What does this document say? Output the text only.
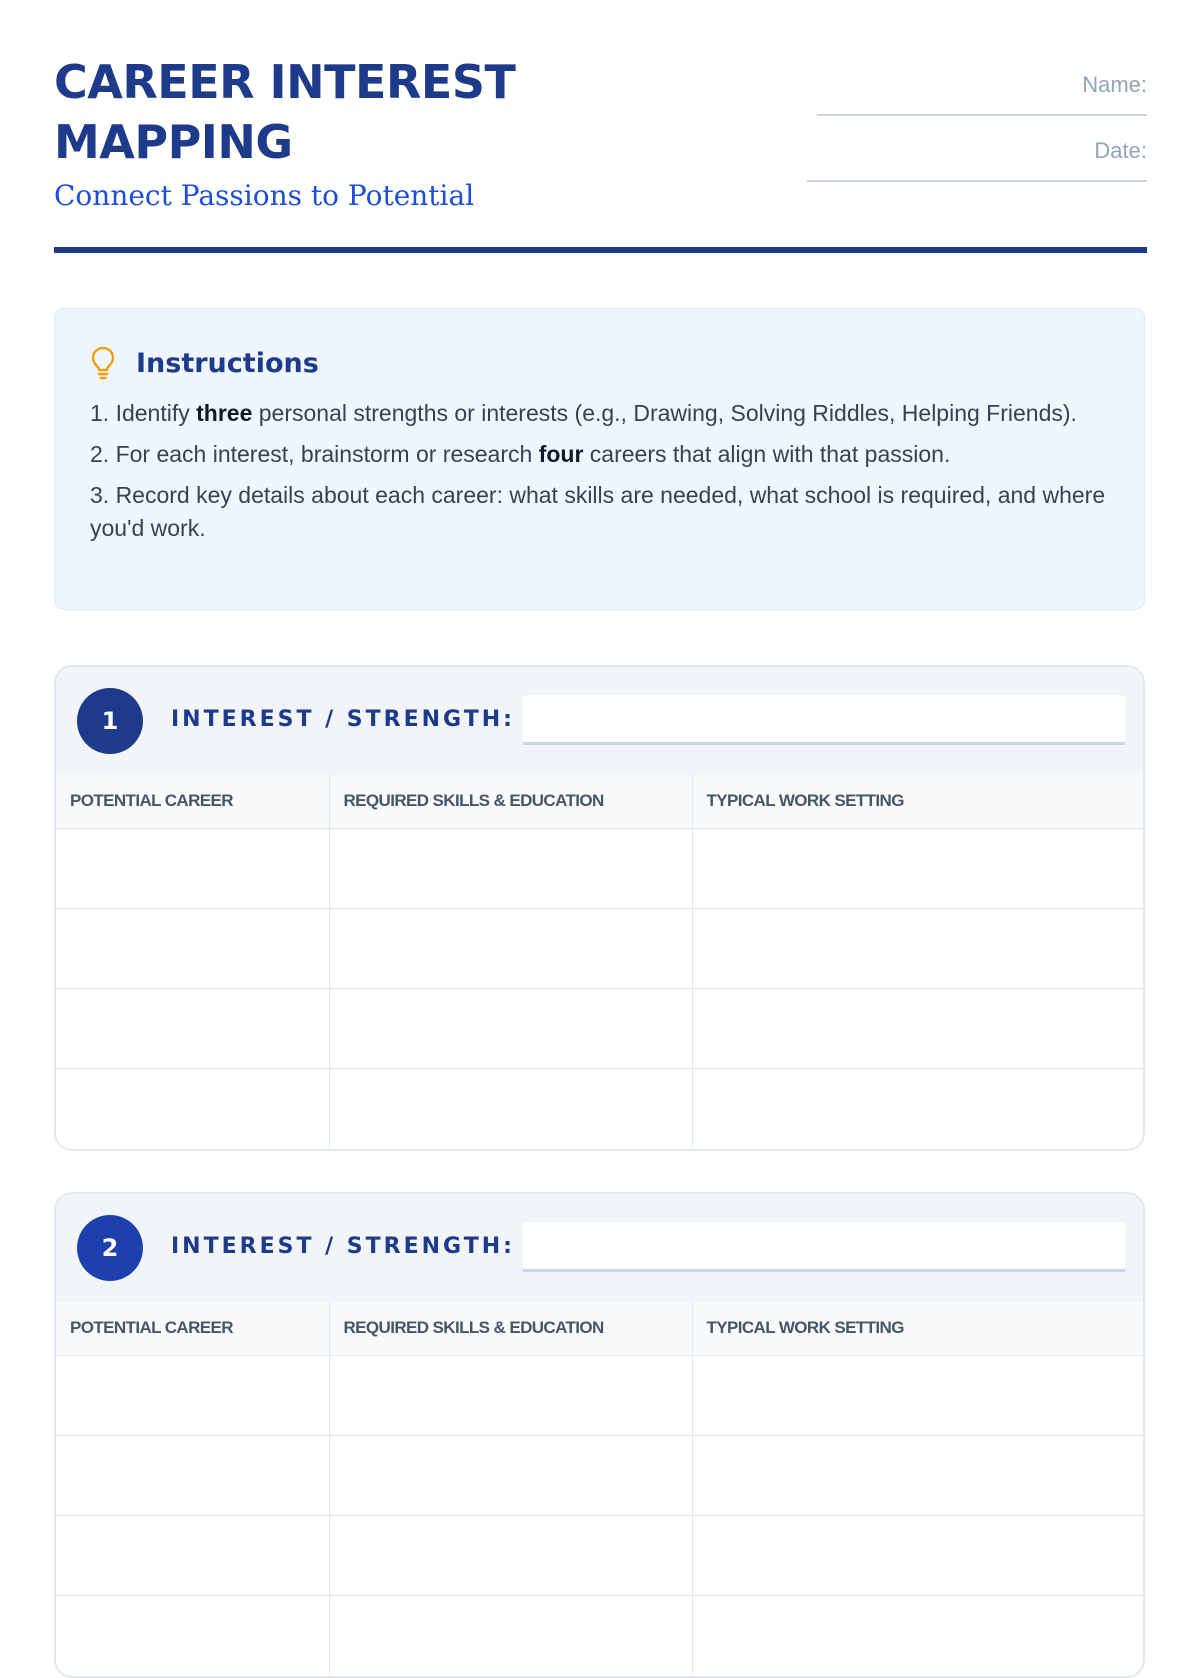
CAREER INTEREST MAPPING
Connect Passions to Potential
Name:
Date:
Instructions

1. Identify three personal strengths or interests (e.g., Drawing, Solving Riddles, Helping Friends).

2. For each interest, brainstorm or research four careers that align with that passion.

3. Record key details about each career: what skills are needed, what school is required, and where you'd work.

1	INTEREST / STRENGTH:
POTENTIAL CAREER	REQUIRED SKILLS & EDUCATION	TYPICAL WORK SETTING

2	INTEREST / STRENGTH:
POTENTIAL CAREER	REQUIRED SKILLS & EDUCATION	TYPICAL WORK SETTING
